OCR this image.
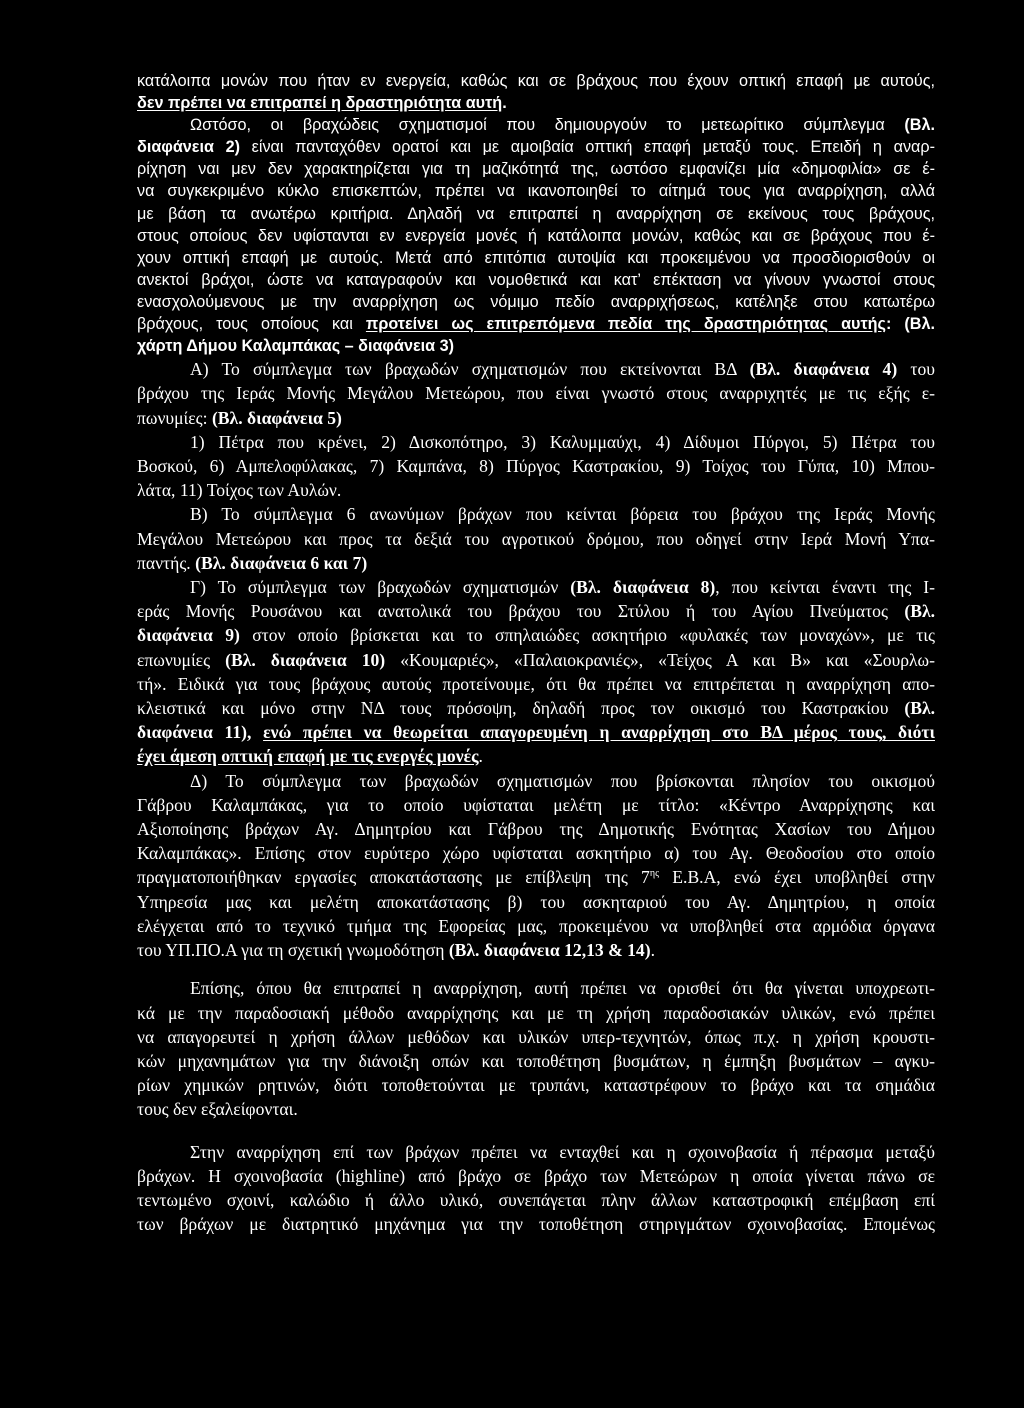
κατάλοιπα μονών που ήταν εν ενεργεία, καθώς και σε βράχους που έχουν οπτική επαφή με αυτούς,
δεν πρέπει να επιτραπεί η δραστηριότητα αυτή.
Ωστόσο, οι βραχώδεις σχηματισμοί που δημιουργούν το μετεωρίτικο σύμπλεγμα (Βλ.
διαφάνεια 2) είναι πανταχόθεν ορατοί και με αμοιβαία οπτική επαφή μεταξύ τους. Επειδή η αναρ-
ρίχηση ναι μεν δεν χαρακτηρίζεται για τη μαζικότητά της, ωστόσο εμφανίζει μία «δημοφιλία» σε έ-
να συγκεκριμένο κύκλο επισκεπτών, πρέπει να ικανοποιηθεί το αίτημά τους για αναρρίχηση, αλλά
με βάση τα ανωτέρω κριτήρια. Δηλαδή να επιτραπεί η αναρρίχηση σε εκείνους τους βράχους,
στους οποίους δεν υφίστανται εν ενεργεία μονές ή κατάλοιπα μονών, καθώς και σε βράχους που έ-
χουν οπτική επαφή με αυτούς. Μετά από επιτόπια αυτοψία και προκειμένου να προσδιορισθούν οι
ανεκτοί βράχοι, ώστε να καταγραφούν και νομοθετικά και κατ’ επέκταση να γίνουν γνωστοί στους
ενασχολούμενους με την αναρρίχηση ως νόμιμο πεδίο αναρριχήσεως, κατέληξε στου κατωτέρω
βράχους, τους οποίους και προτείνει ως επιτρεπόμενα πεδία της δραστηριότητας αυτής: (Βλ.
χάρτη Δήμου Καλαμπάκας – διαφάνεια 3)
Α) Το σύμπλεγμα των βραχωδών σχηματισμών που εκτείνονται ΒΔ (Βλ. διαφάνεια 4) του
βράχου της Ιεράς Μονής Μεγάλου Μετεώρου, που είναι γνωστό στους αναρριχητές με τις εξής ε-
πωνυμίες: (Βλ. διαφάνεια 5)
1) Πέτρα που κρένει, 2) Δισκοπότηρο, 3) Καλυμμαύχι, 4) Δίδυμοι Πύργοι, 5) Πέτρα του
Βοσκού, 6) Αμπελοφύλακας, 7) Καμπάνα, 8) Πύργος Καστρακίου, 9) Τοίχος του Γύπα, 10) Μπου-
λάτα, 11) Τοίχος των Αυλών.
Β) Το σύμπλεγμα 6 ανωνύμων βράχων που κείνται βόρεια του βράχου της Ιεράς Μονής
Μεγάλου Μετεώρου και προς τα δεξιά του αγροτικού δρόμου, που οδηγεί στην Ιερά Μονή Υπα-
παντής. (Βλ. διαφάνεια 6 και 7)
Γ) Το σύμπλεγμα των βραχωδών σχηματισμών (Βλ. διαφάνεια 8), που κείνται έναντι της Ι-
εράς Μονής Ρουσάνου και ανατολικά του βράχου του Στύλου ή του Αγίου Πνεύματος (Βλ.
διαφάνεια 9) στον οποίο βρίσκεται και το σπηλαιώδες ασκητήριο «φυλακές των μοναχών», με τις
επωνυμίες (Βλ. διαφάνεια 10) «Κουμαριές», «Παλαιοκρανιές», «Τείχος Α και Β» και «Σουρλω-
τή». Ειδικά για τους βράχους αυτούς προτείνουμε, ότι θα πρέπει να επιτρέπεται η αναρρίχηση απο-
κλειστικά και μόνο στην ΝΔ τους πρόσοψη, δηλαδή προς τον οικισμό του Καστρακίου (Βλ.
διαφάνεια 11), ενώ πρέπει να θεωρείται απαγορευμένη η αναρρίχηση στο ΒΔ μέρος τους, διότι
έχει άμεση οπτική επαφή με τις ενεργές μονές.
Δ) Το σύμπλεγμα των βραχωδών σχηματισμών που βρίσκονται πλησίον του οικισμού
Γάβρου Καλαμπάκας, για το οποίο υφίσταται μελέτη με τίτλο: «Κέντρο Αναρρίχησης και
Αξιοποίησης βράχων Αγ. Δημητρίου και Γάβρου της Δημοτικής Ενότητας Χασίων του Δήμου
Καλαμπάκας». Επίσης στον ευρύτερο χώρο υφίσταται ασκητήριο α) του Αγ. Θεοδοσίου στο οποίο
πραγματοποιήθηκαν εργασίες αποκατάστασης με επίβλεψη της $7^{\eta\varsigma}$ Ε.Β.Α, ενώ έχει υποβληθεί στην
Υπηρεσία μας και μελέτη αποκατάστασης β) του ασκηταριού του Αγ. Δημητρίου, η οποία
ελέγχεται από το τεχνικό τμήμα της Εφορείας μας, προκειμένου να υποβληθεί στα αρμόδια όργανα
του ΥΠ.ΠΟ.Α για τη σχετική γνωμοδότηση (Βλ. διαφάνεια 12,13 & 14).
Επίσης, όπου θα επιτραπεί η αναρρίχηση, αυτή πρέπει να ορισθεί ότι θα γίνεται υποχρεωτι-
κά με την παραδοσιακή μέθοδο αναρρίχησης και με τη χρήση παραδοσιακών υλικών, ενώ πρέπει
να απαγορευτεί η χρήση άλλων μεθόδων και υλικών υπερ-τεχνητών, όπως π.χ. η χρήση κρουστι-
κών μηχανημάτων για την διάνοιξη οπών και τοποθέτηση βυσμάτων, η έμπηξη βυσμάτων – αγκυ-
ρίων χημικών ρητινών, διότι τοποθετούνται με τρυπάνι, καταστρέφουν το βράχο και τα σημάδια
τους δεν εξαλείφονται.
Στην αναρρίχηση επί των βράχων πρέπει να ενταχθεί και η σχοινοβασία ή πέρασμα μεταξύ
βράχων. Η σχοινοβασία (highline) από βράχο σε βράχο των Μετεώρων η οποία γίνεται πάνω σε
τεντωμένο σχοινί, καλώδιο ή άλλο υλικό, συνεπάγεται πλην άλλων καταστροφική επέμβαση επί
των βράχων με διατρητικό μηχάνημα για την τοποθέτηση στηριγμάτων σχοινοβασίας. Επομένως
